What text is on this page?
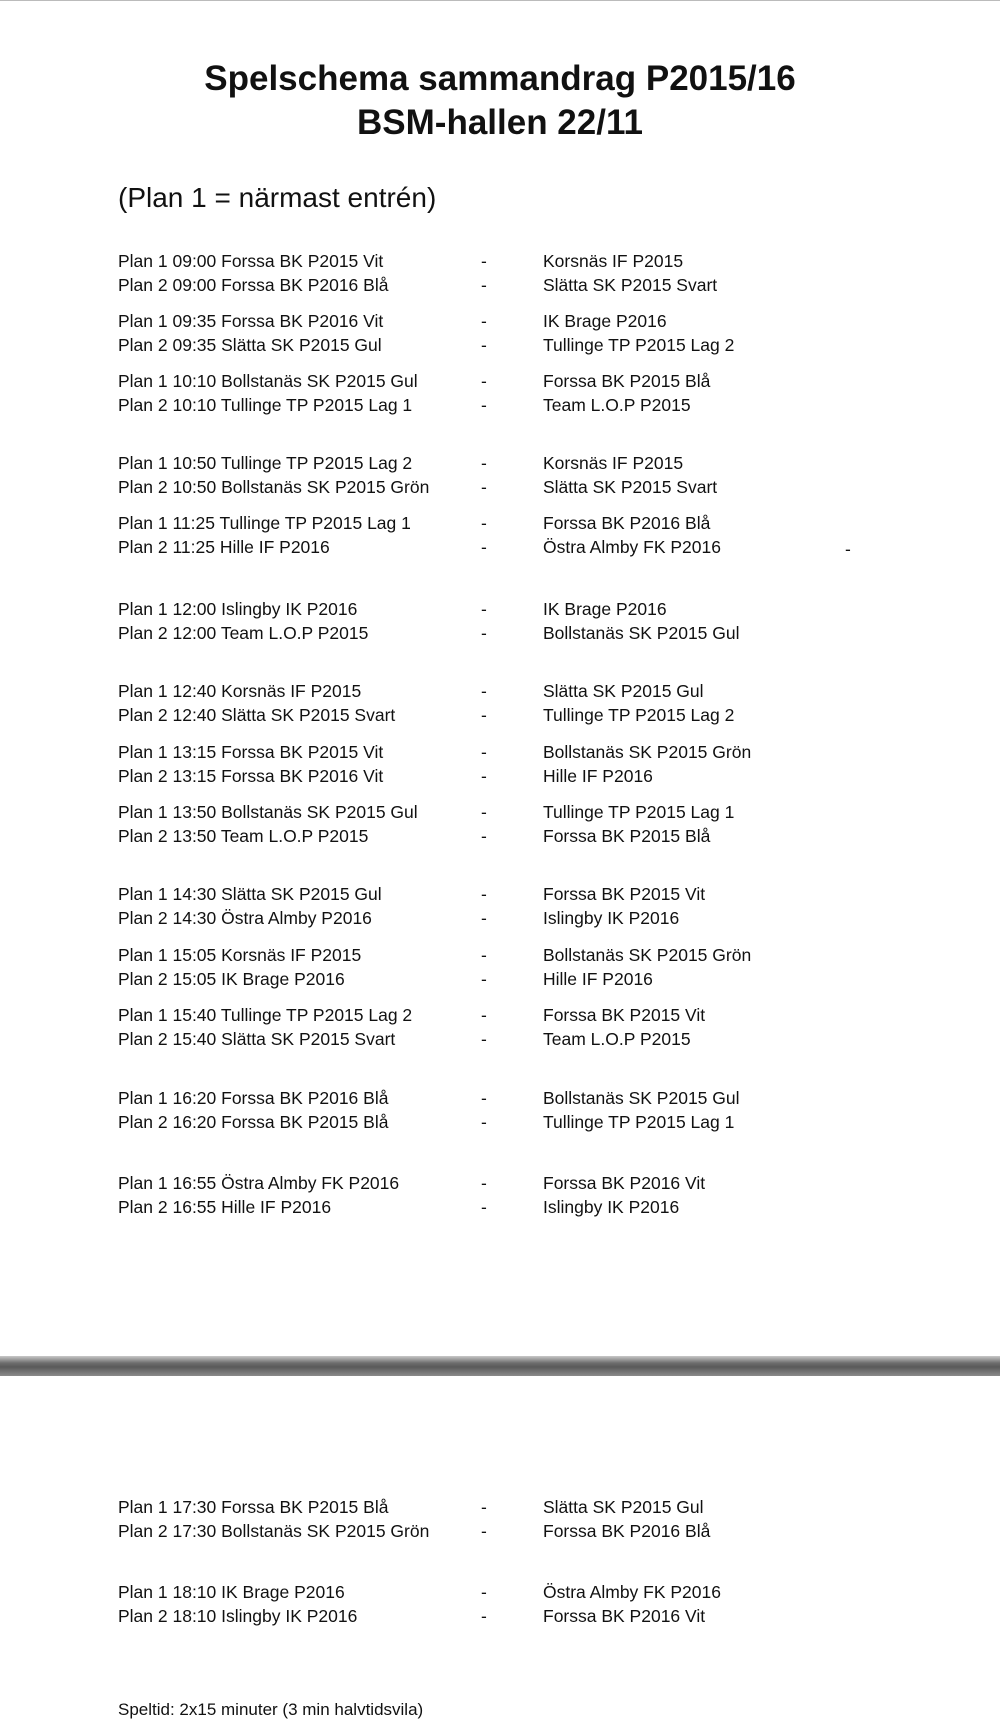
Spelschema sammandrag P2015/16
BSM-hallen 22/11
(Plan 1 = närmast entrén)
Plan 1 09:00 Forssa BK P2015 Vit	-	Korsnäs IF P2015
Plan 2 09:00 Forssa BK P2016 Blå	-	Slätta SK P2015 Svart
Plan 1 09:35 Forssa BK P2016 Vit	-	IK Brage P2016
Plan 2 09:35 Slätta SK P2015 Gul	-	Tullinge TP P2015 Lag 2
Plan 1 10:10 Bollstanäs SK P2015 Gul	-	Forssa BK P2015 Blå
Plan 2 10:10 Tullinge TP P2015 Lag 1	-	Team L.O.P P2015
Plan 1 10:50 Tullinge TP P2015 Lag 2	-	Korsnäs IF P2015
Plan 2 10:50 Bollstanäs SK P2015 Grön	-	Slätta SK P2015 Svart
Plan 1 11:25 Tullinge TP P2015 Lag 1	-	Forssa BK P2016 Blå
Plan 2 11:25 Hille IF P2016	-	Östra Almby FK P2016
Plan 1 12:00 Islingby IK P2016	-	IK Brage P2016
Plan 2 12:00 Team L.O.P P2015	-	Bollstanäs SK P2015 Gul
Plan 1 12:40 Korsnäs IF P2015	-	Slätta SK P2015 Gul
Plan 2 12:40 Slätta SK P2015 Svart	-	Tullinge TP P2015 Lag 2
Plan 1 13:15 Forssa BK P2015 Vit	-	Bollstanäs SK P2015 Grön
Plan 2 13:15 Forssa BK P2016 Vit	-	Hille IF P2016
Plan 1 13:50 Bollstanäs SK P2015 Gul	-	Tullinge TP P2015 Lag 1
Plan 2 13:50 Team L.O.P P2015	-	Forssa BK P2015 Blå
Plan 1 14:30 Slätta SK P2015 Gul	-	Forssa BK P2015 Vit
Plan 2 14:30 Östra Almby P2016	-	Islingby IK P2016
Plan 1 15:05 Korsnäs IF P2015	-	Bollstanäs SK P2015 Grön
Plan 2 15:05 IK Brage P2016	-	Hille IF P2016
Plan 1 15:40 Tullinge TP P2015 Lag 2	-	Forssa BK P2015 Vit
Plan 2 15:40 Slätta SK P2015 Svart	-	Team L.O.P P2015
Plan 1 16:20 Forssa BK P2016 Blå	-	Bollstanäs SK P2015 Gul
Plan 2 16:20 Forssa BK P2015 Blå	-	Tullinge TP P2015 Lag 1
Plan 1 16:55 Östra Almby FK P2016	-	Forssa BK P2016 Vit
Plan 2 16:55 Hille IF P2016	-	Islingby IK P2016
-
Plan 1 17:30 Forssa BK P2015 Blå	-	Slätta SK P2015 Gul
Plan 2 17:30 Bollstanäs SK P2015 Grön	-	Forssa BK P2016 Blå
Plan 1 18:10 IK Brage P2016	-	Östra Almby FK P2016
Plan 2 18:10 Islingby IK P2016	-	Forssa BK P2016 Vit
Speltid: 2x15 minuter (3 min halvtidsvila)
